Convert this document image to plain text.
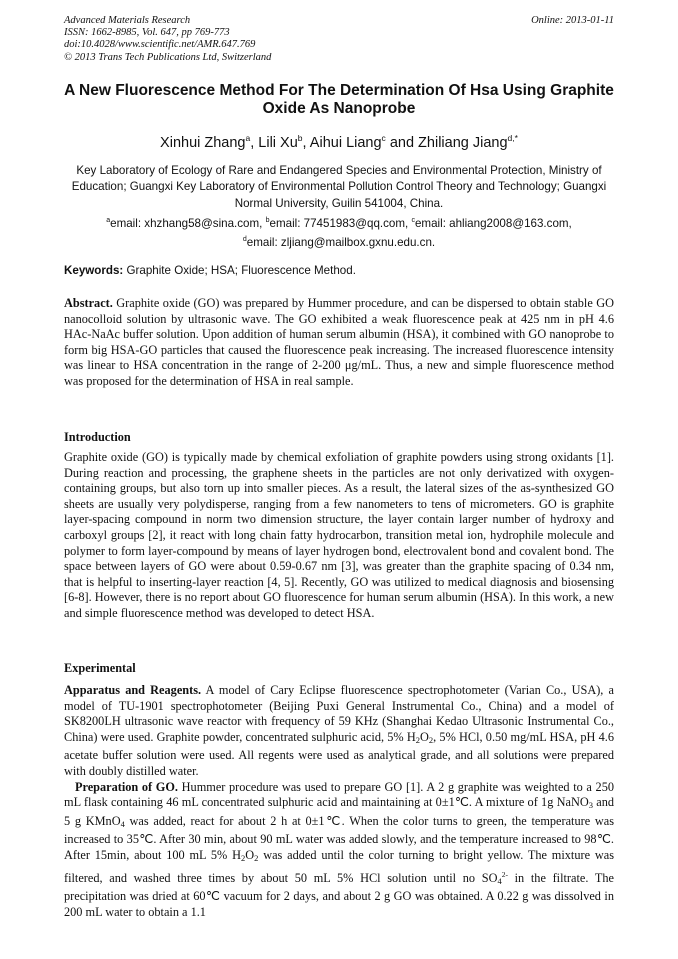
Advanced Materials Research
ISSN: 1662-8985, Vol. 647, pp 769-773
doi:10.4028/www.scientific.net/AMR.647.769
© 2013 Trans Tech Publications Ltd, Switzerland
Online: 2013-01-11
A New Fluorescence Method For The Determination Of Hsa Using Graphite Oxide As Nanoprobe
Xinhui Zhang$^a$, Lili Xu$^b$, Aihui Liang$^c$ and Zhiliang Jiang$^{d,*}$
Key Laboratory of Ecology of Rare and Endangered Species and Environmental Protection, Ministry of Education; Guangxi Key Laboratory of Environmental Pollution Control Theory and Technology; Guangxi Normal University, Guilin 541004, China.
$^a$email: xhzhang58@sina.com, $^b$email: 77451983@qq.com, $^c$email: ahliang2008@163.com,
$^d$email: zljiang@mailbox.gxnu.edu.cn.
Keywords: Graphite Oxide; HSA; Fluorescence Method.

Abstract. Graphite oxide (GO) was prepared by Hummer procedure, and can be dispersed to obtain stable GO nanocolloid solution by ultrasonic wave. The GO exhibited a weak fluorescence peak at 425 nm in pH 4.6 HAc-NaAc buffer solution. Upon addition of human serum albumin (HSA), it combined with GO nanoprobe to form big HSA-GO particles that caused the fluorescence peak increasing. The increased fluorescence intensity was linear to HSA concentration in the range of 2-200 μg/mL. Thus, a new and simple fluorescence method was proposed for the determination of HSA in real sample.

Introduction

Graphite oxide (GO) is typically made by chemical exfoliation of graphite powders using strong oxidants [1]. During reaction and processing, the graphene sheets in the particles are not only derivatized with oxygen-containing groups, but also torn up into smaller pieces. As a result, the lateral sizes of the as-synthesized GO sheets are usually very polydisperse, ranging from a few nanometers to tens of micrometers. GO is graphite layer-spacing compound in norm two dimension structure, the layer contain larger number of hydroxy and carboxyl groups [2], it react with long chain fatty hydrocarbon, transition metal ion, hydrophile molecule and polymer to form layer-compound by means of layer hydrogen bond, electrovalent bond and covalent bond. The space between layers of GO were about 0.59-0.67 nm [3], was greater than the graphite spacing of 0.34 nm, that is helpful to inserting-layer reaction [4, 5]. Recently, GO was utilized to medical diagnosis and biosensing [6-8]. However, there is no report about GO fluorescence for human serum albumin (HSA). In this work, a new and simple fluorescence method was developed to detect HSA.

Experimental

Apparatus and Reagents. A model of Cary Eclipse fluorescence spectrophotometer (Varian Co., USA), a model of TU-1901 spectrophotometer (Beijing Puxi General Instrumental Co., China) and a model of SK8200LH ultrasonic wave reactor with frequency of 59 KHz (Shanghai Kedao Ultrasonic Instrumental Co., China) were used. Graphite powder, concentrated sulphuric acid, 5% $H_2O_2$, 5% HCl, 0.50 mg/mL HSA, pH 4.6 acetate buffer solution were used. All regents were used as analytical grade, and all solutions were prepared with doubly distilled water.

Preparation of GO. Hummer procedure was used to prepare GO [1]. A 2 g graphite was weighted to a 250 mL flask containing 46 mL concentrated sulphuric acid and maintaining at 0±1℃. A mixture of 1g NaNO$_3$ and 5 g KMnO$_4$ was added, react for about 2 h at 0±1℃. When the color turns to green, the temperature was increased to 35℃. After 30 min, about 90 mL water was added slowly, and the temperature increased to 98℃. After 15min, about 100 mL 5% $H_2O_2$ was added until the color turning to bright yellow. The mixture was filtered, and washed three times by about 50 mL 5% HCl solution until no $SO_4^{2-}$ in the filtrate. The precipitation was dried at 60℃ vacuum for 2 days, and about 2 g GO was obtained. A 0.22 g was dissolved in 200 mL water to obtain a 1.1
